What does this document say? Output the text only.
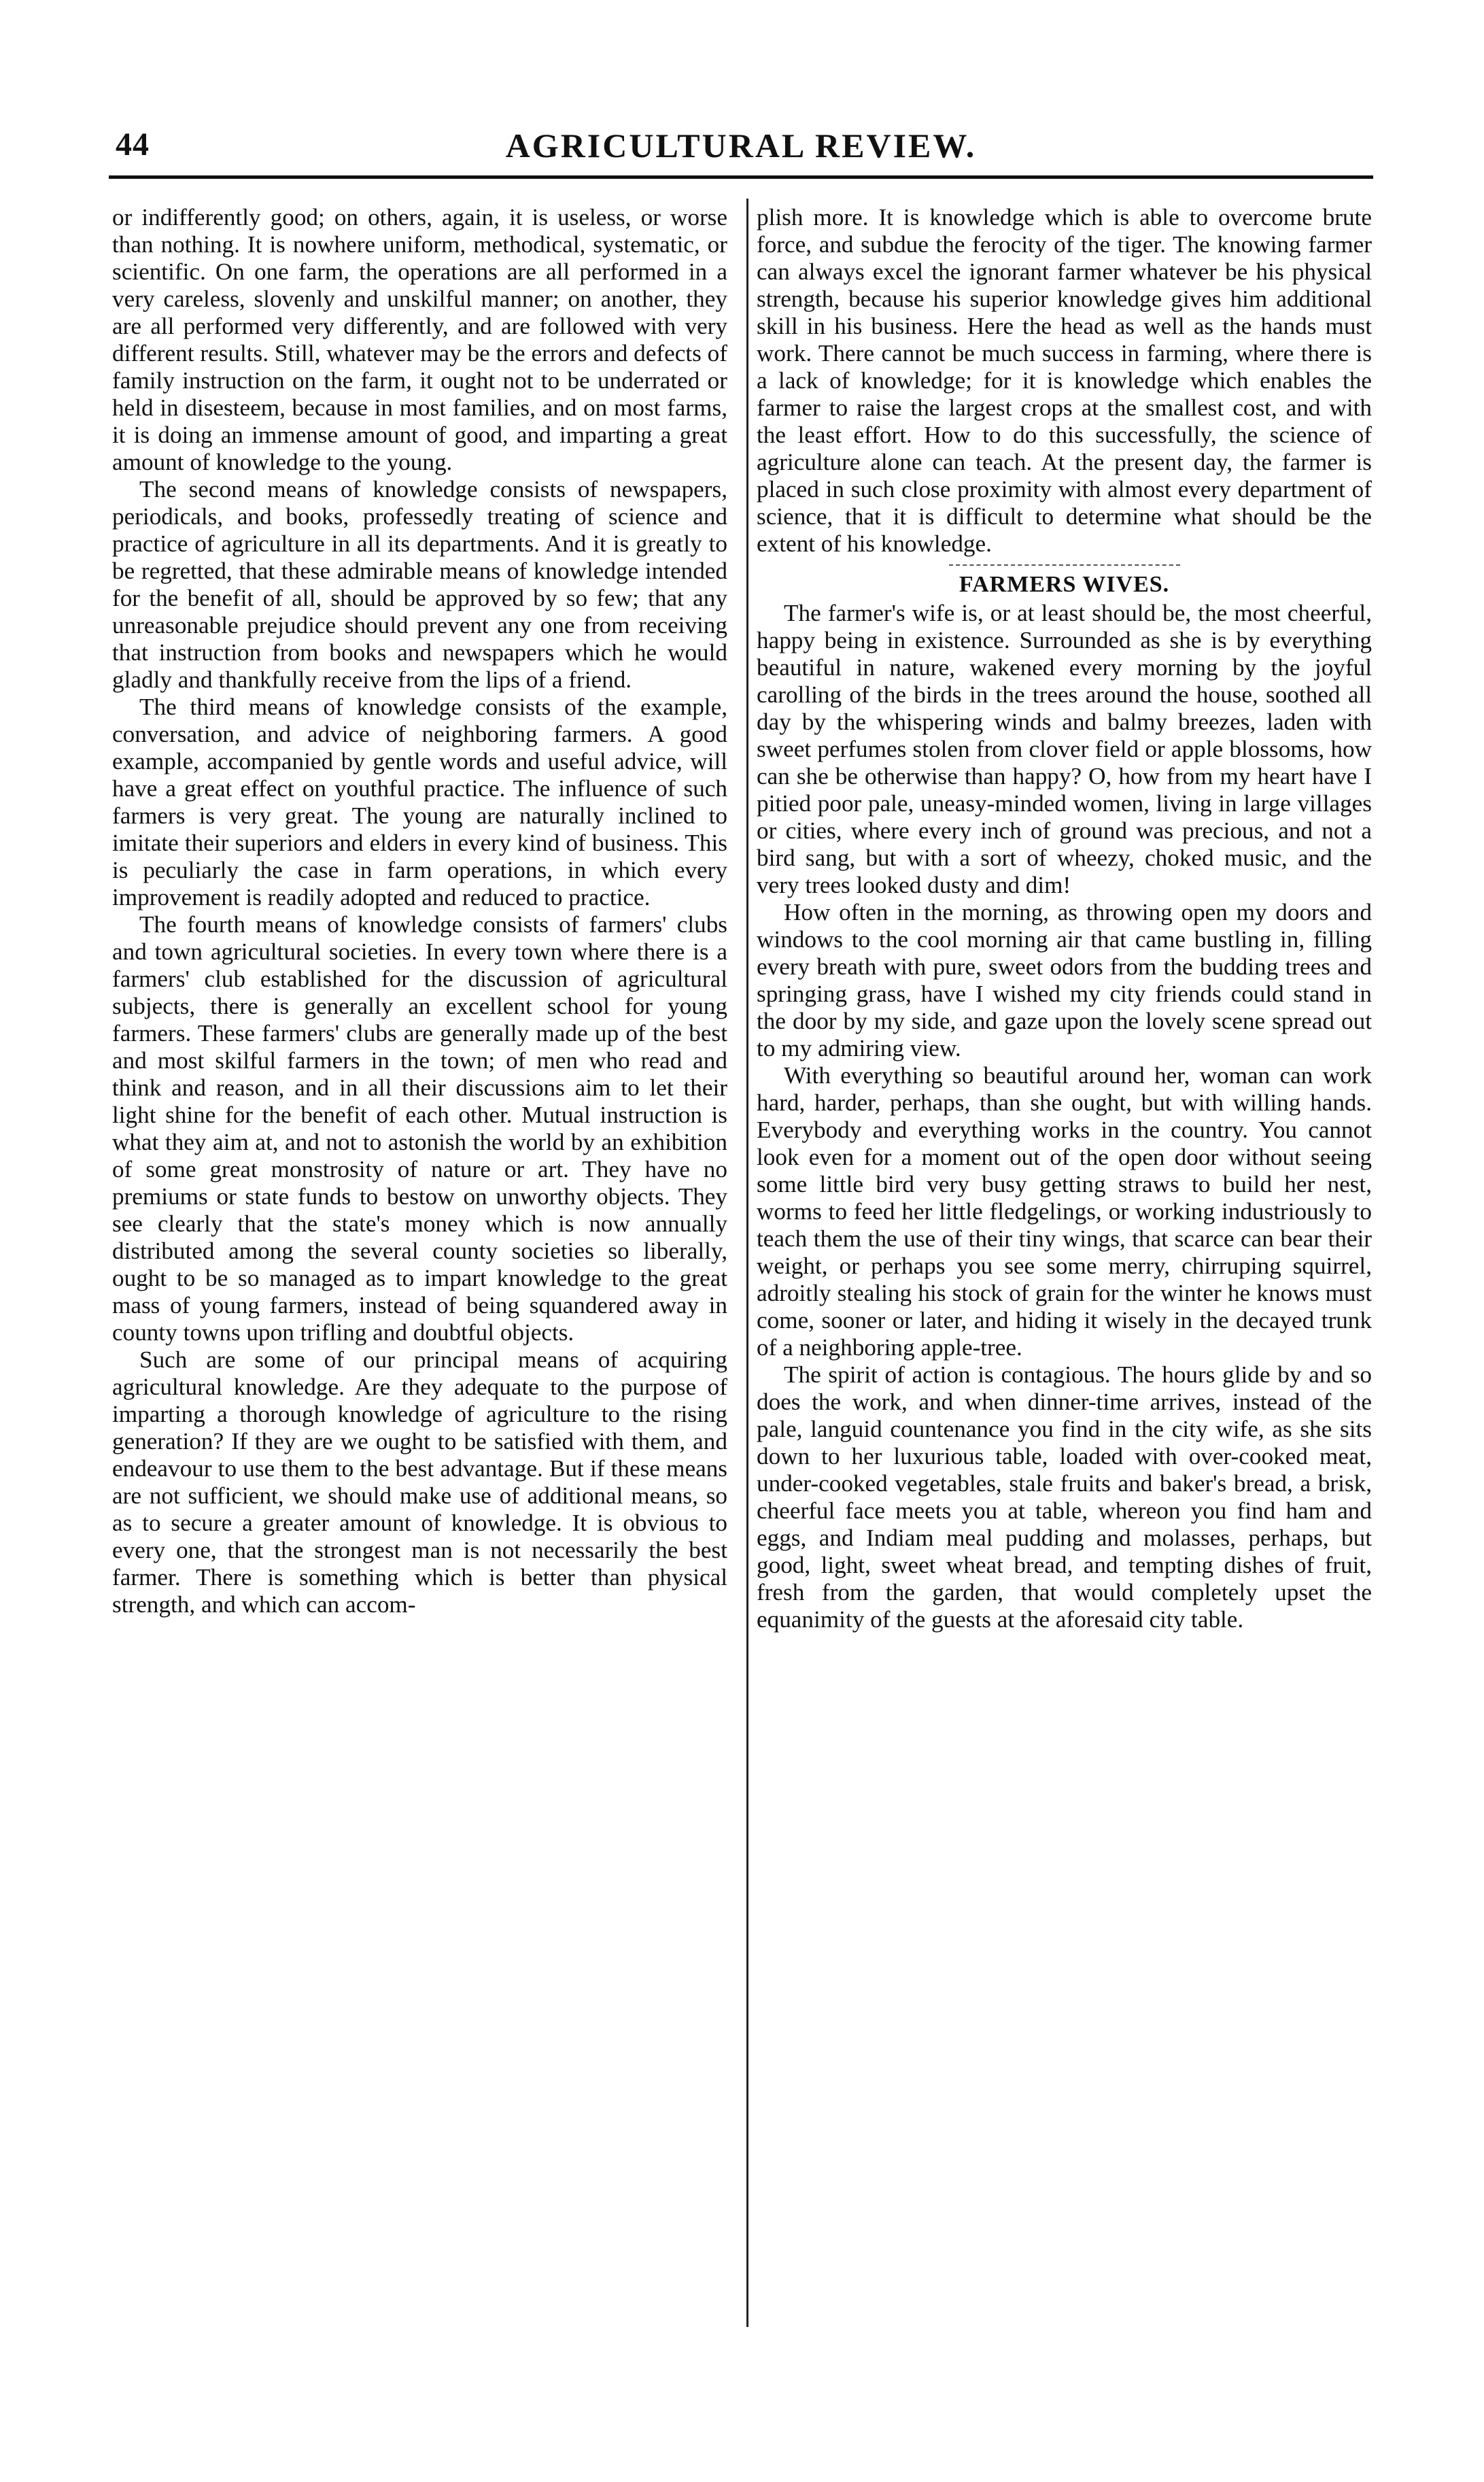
44	AGRICULTURAL REVIEW.

or indifferently good; on others, again, it is useless, or worse than nothing. It is nowhere uniform, methodical, systematic, or scientific. On one farm, the operations are all performed in a very careless, slovenly and unskilful manner; on another, they are all performed very differently, and are followed with very different results. Still, whatever may be the errors and defects of family instruction on the farm, it ought not to be underrated or held in disesteem, because in most families, and on most farms, it is doing an immense amount of good, and imparting a great amount of knowledge to the young.

The second means of knowledge consists of newspapers, periodicals, and books, professedly treating of science and practice of agriculture in all its departments. And it is greatly to be regretted, that these admirable means of knowledge intended for the benefit of all, should be approved by so few; that any unreasonable prejudice should prevent any one from receiving that instruction from books and newspapers which he would gladly and thankfully receive from the lips of a friend.

The third means of knowledge consists of the example, conversation, and advice of neighboring farmers. A good example, accompanied by gentle words and useful advice, will have a great effect on youthful practice. The influence of such farmers is very great. The young are naturally inclined to imitate their superiors and elders in every kind of business. This is peculiarly the case in farm operations, in which every improvement is readily adopted and reduced to practice.

The fourth means of knowledge consists of farmers' clubs and town agricultural societies. In every town where there is a farmers' club established for the discussion of agricultural subjects, there is generally an excellent school for young farmers. These farmers' clubs are generally made up of the best and most skilful farmers in the town; of men who read and think and reason, and in all their discussions aim to let their light shine for the benefit of each other. Mutual instruction is what they aim at, and not to astonish the world by an exhibition of some great monstrosity of nature or art. They have no premiums or state funds to bestow on unworthy objects. They see clearly that the state's money which is now annually distributed among the several county societies so liberally, ought to be so managed as to impart knowledge to the great mass of young farmers, instead of being squandered away in county towns upon trifling and doubtful objects.

Such are some of our principal means of acquiring agricultural knowledge. Are they adequate to the purpose of imparting a thorough knowledge of agriculture to the rising generation? If they are we ought to be satisfied with them, and endeavour to use them to the best advantage. But if these means are not sufficient, we should make use of additional means, so as to secure a greater amount of knowledge. It is obvious to every one, that the strongest man is not necessarily the best farmer. There is something which is better than physical strength, and which can accom-

plish more. It is knowledge which is able to overcome brute force, and subdue the ferocity of the tiger. The knowing farmer can always excel the ignorant farmer whatever be his physical strength, because his superior knowledge gives him additional skill in his business. Here the head as well as the hands must work. There cannot be much success in farming, where there is a lack of knowledge; for it is knowledge which enables the farmer to raise the largest crops at the smallest cost, and with the least effort. How to do this successfully, the science of agriculture alone can teach. At the present day, the farmer is placed in such close proximity with almost every department of science, that it is difficult to determine what should be the extent of his knowledge.

FARMERS WIVES.

The farmer's wife is, or at least should be, the most cheerful, happy being in existence. Surrounded as she is by everything beautiful in nature, wakened every morning by the joyful carolling of the birds in the trees around the house, soothed all day by the whispering winds and balmy breezes, laden with sweet perfumes stolen from clover field or apple blossoms, how can she be otherwise than happy? O, how from my heart have I pitied poor pale, uneasy-minded women, living in large villages or cities, where every inch of ground was precious, and not a bird sang, but with a sort of wheezy, choked music, and the very trees looked dusty and dim!

How often in the morning, as throwing open my doors and windows to the cool morning air that came bustling in, filling every breath with pure, sweet odors from the budding trees and springing grass, have I wished my city friends could stand in the door by my side, and gaze upon the lovely scene spread out to my admiring view.

With everything so beautiful around her, woman can work hard, harder, perhaps, than she ought, but with willing hands. Everybody and everything works in the country. You cannot look even for a moment out of the open door without seeing some little bird very busy getting straws to build her nest, worms to feed her little fledgelings, or working industriously to teach them the use of their tiny wings, that scarce can bear their weight, or perhaps you see some merry, chirruping squirrel, adroitly stealing his stock of grain for the winter he knows must come, sooner or later, and hiding it wisely in the decayed trunk of a neighboring apple-tree.

The spirit of action is contagious. The hours glide by and so does the work, and when dinner-time arrives, instead of the pale, languid countenance you find in the city wife, as she sits down to her luxurious table, loaded with over-cooked meat, under-cooked vegetables, stale fruits and baker's bread, a brisk, cheerful face meets you at table, whereon you find ham and eggs, and Indiam meal pudding and molasses, perhaps, but good, light, sweet wheat bread, and tempting dishes of fruit, fresh from the garden, that would completely upset the equanimity of the guests at the aforesaid city table.
